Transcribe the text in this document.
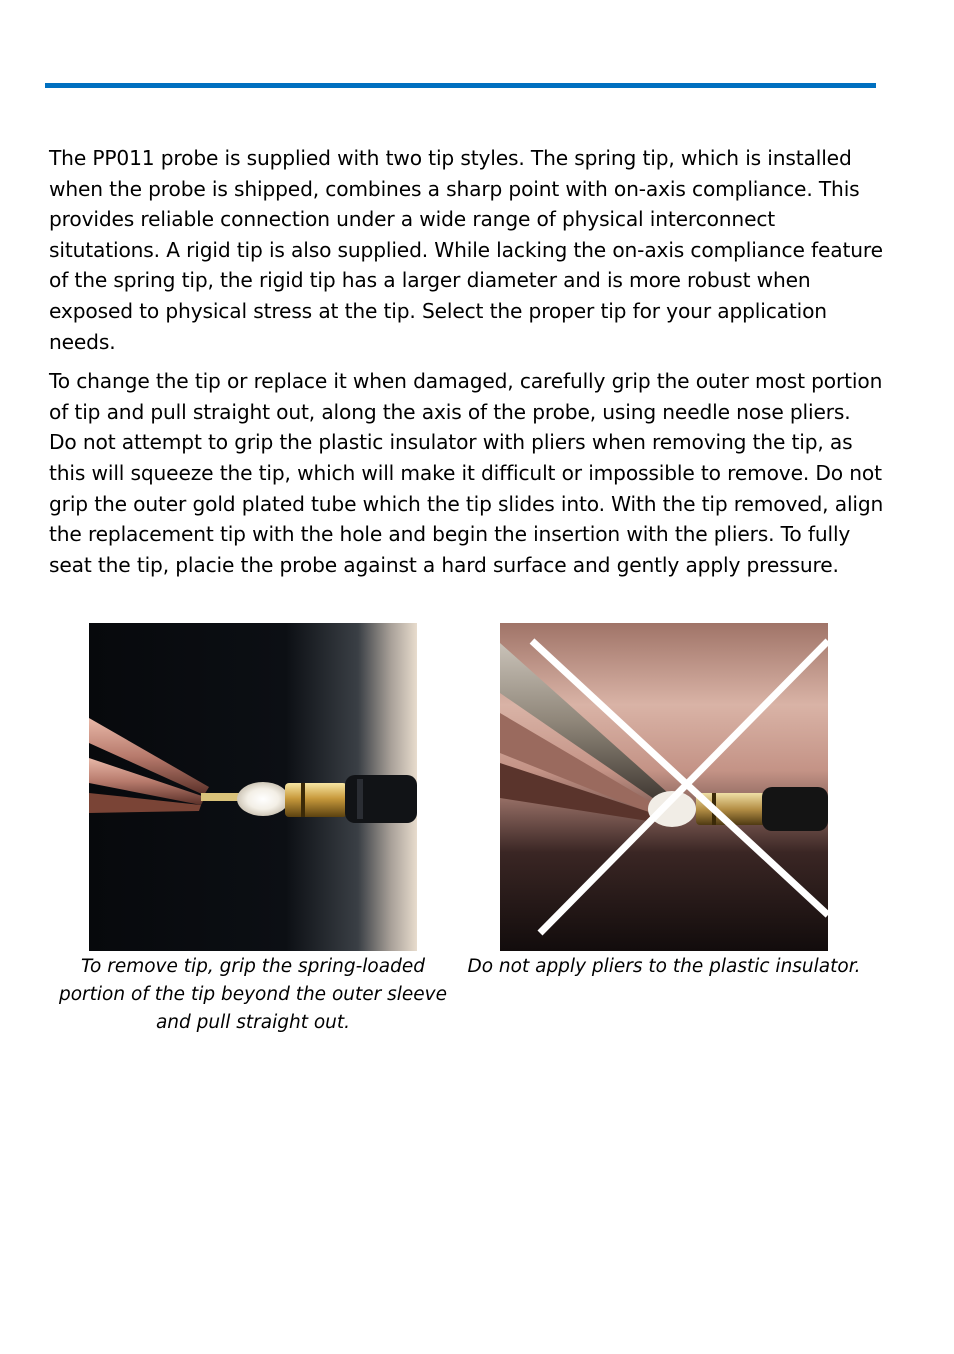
The PP011 probe is supplied with two tip styles. The spring tip, which is installed when the probe is shipped, combines a sharp point with on-axis compliance. This provides reliable connection under a wide range of physical interconnect situtations. A rigid tip is also supplied. While lacking the on-axis compliance feature of the spring tip, the rigid tip has a larger diameter and is more robust when exposed to physical stress at the tip. Select the proper tip for your application needs.

To change the tip or replace it when damaged, carefully grip the outer most portion of tip and pull straight out, along the axis of the probe, using needle nose pliers. Do not attempt to grip the plastic insulator with pliers when removing the tip, as this will squeeze the tip, which will make it difficult or impossible to remove. Do not grip the outer gold plated tube which the tip slides into. With the tip removed, align the replacement tip with the hole and begin the insertion with the pliers. To fully seat the tip, placie the probe against a hard surface and gently apply pressure.

To remove tip, grip the spring-loaded portion of the tip beyond the outer sleeve and pull straight out.
Do not apply pliers to the plastic insulator.
